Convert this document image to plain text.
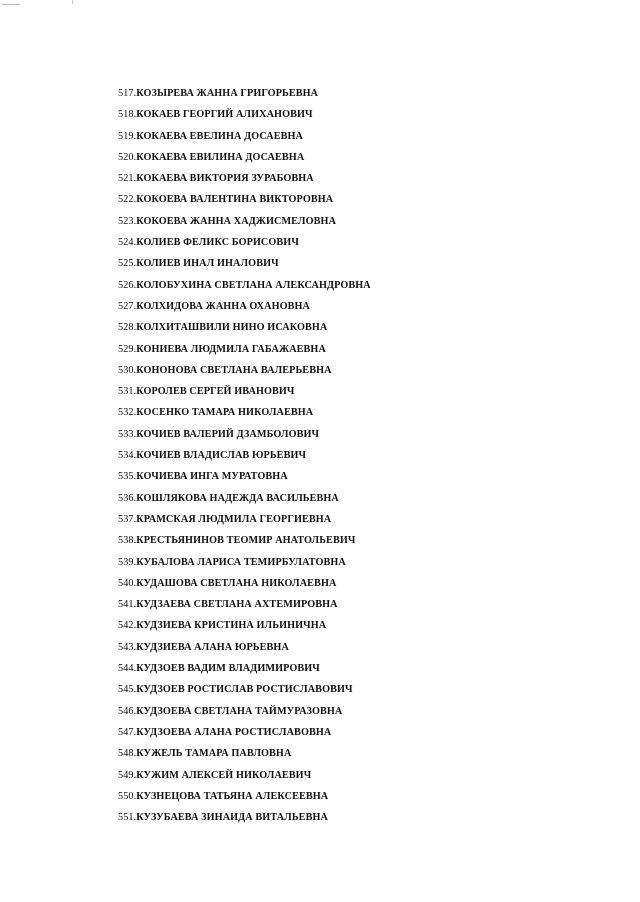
517.КОЗЫРЕВА ЖАННА ГРИГОРЬЕВНА
518.КОКАЕВ ГЕОРГИЙ АЛИХАНОВИЧ
519.КОКАЕВА ЕВЕЛИНА ДОСАЕВНА
520.КОКАЕВА ЕВИЛИНА ДОСАЕВНА
521.КОКАЕВА ВИКТОРИЯ ЗУРАБОВНА
522.КОКОЕВА ВАЛЕНТИНА ВИКТОРОВНА
523.КОКОЕВА ЖАННА ХАДЖИСМЕЛОВНА
524.КОЛИЕВ ФЕЛИКС БОРИСОВИЧ
525.КОЛИЕВ ИНАЛ ИНАЛОВИЧ
526.КОЛОБУХИНА СВЕТЛАНА АЛЕКСАНДРОВНА
527.КОЛХИДОВА ЖАННА ОХАНОВНА
528.КОЛХИТАШВИЛИ НИНО ИСАКОВНА
529.КОНИЕВА ЛЮДМИЛА ГАБАЖАЕВНА
530.КОНОНОВА СВЕТЛАНА ВАЛЕРЬЕВНА
531.КОРОЛЕВ СЕРГЕЙ ИВАНОВИЧ
532.КОСЕНКО ТАМАРА НИКОЛАЕВНА
533.КОЧИЕВ ВАЛЕРИЙ ДЗАМБОЛОВИЧ
534.КОЧИЕВ ВЛАДИСЛАВ ЮРЬЕВИЧ
535.КОЧИЕВА ИНГА МУРАТОВНА
536.КОШЛЯКОВА НАДЕЖДА ВАСИЛЬЕВНА
537.КРАМСКАЯ ЛЮДМИЛА ГЕОРГИЕВНА
538.КРЕСТЬЯНИНОВ ТЕОМИР АНАТОЛЬЕВИЧ
539.КУБАЛОВА ЛАРИСА ТЕМИРБУЛАТОВНА
540.КУДАШОВА СВЕТЛАНА НИКОЛАЕВНА
541.КУДЗАЕВА СВЕТЛАНА АХТЕМИРОВНА
542.КУДЗИЕВА КРИСТИНА ИЛЬИНИЧНА
543.КУДЗИЕВА АЛАНА ЮРЬЕВНА
544.КУДЗОЕВ ВАДИМ ВЛАДИМИРОВИЧ
545.КУДЗОЕВ РОСТИСЛАВ РОСТИСЛАВОВИЧ
546.КУДЗОЕВА СВЕТЛАНА ТАЙМУРАЗОВНА
547.КУДЗОЕВА АЛАНА РОСТИСЛАВОВНА
548.КУЖЕЛЬ ТАМАРА ПАВЛОВНА
549.КУЖИМ АЛЕКСЕЙ НИКОЛАЕВИЧ
550.КУЗНЕЦОВА ТАТЬЯНА АЛЕКСЕЕВНА
551.КУЗУБАЕВА ЗИНАИДА ВИТАЛЬЕВНА
